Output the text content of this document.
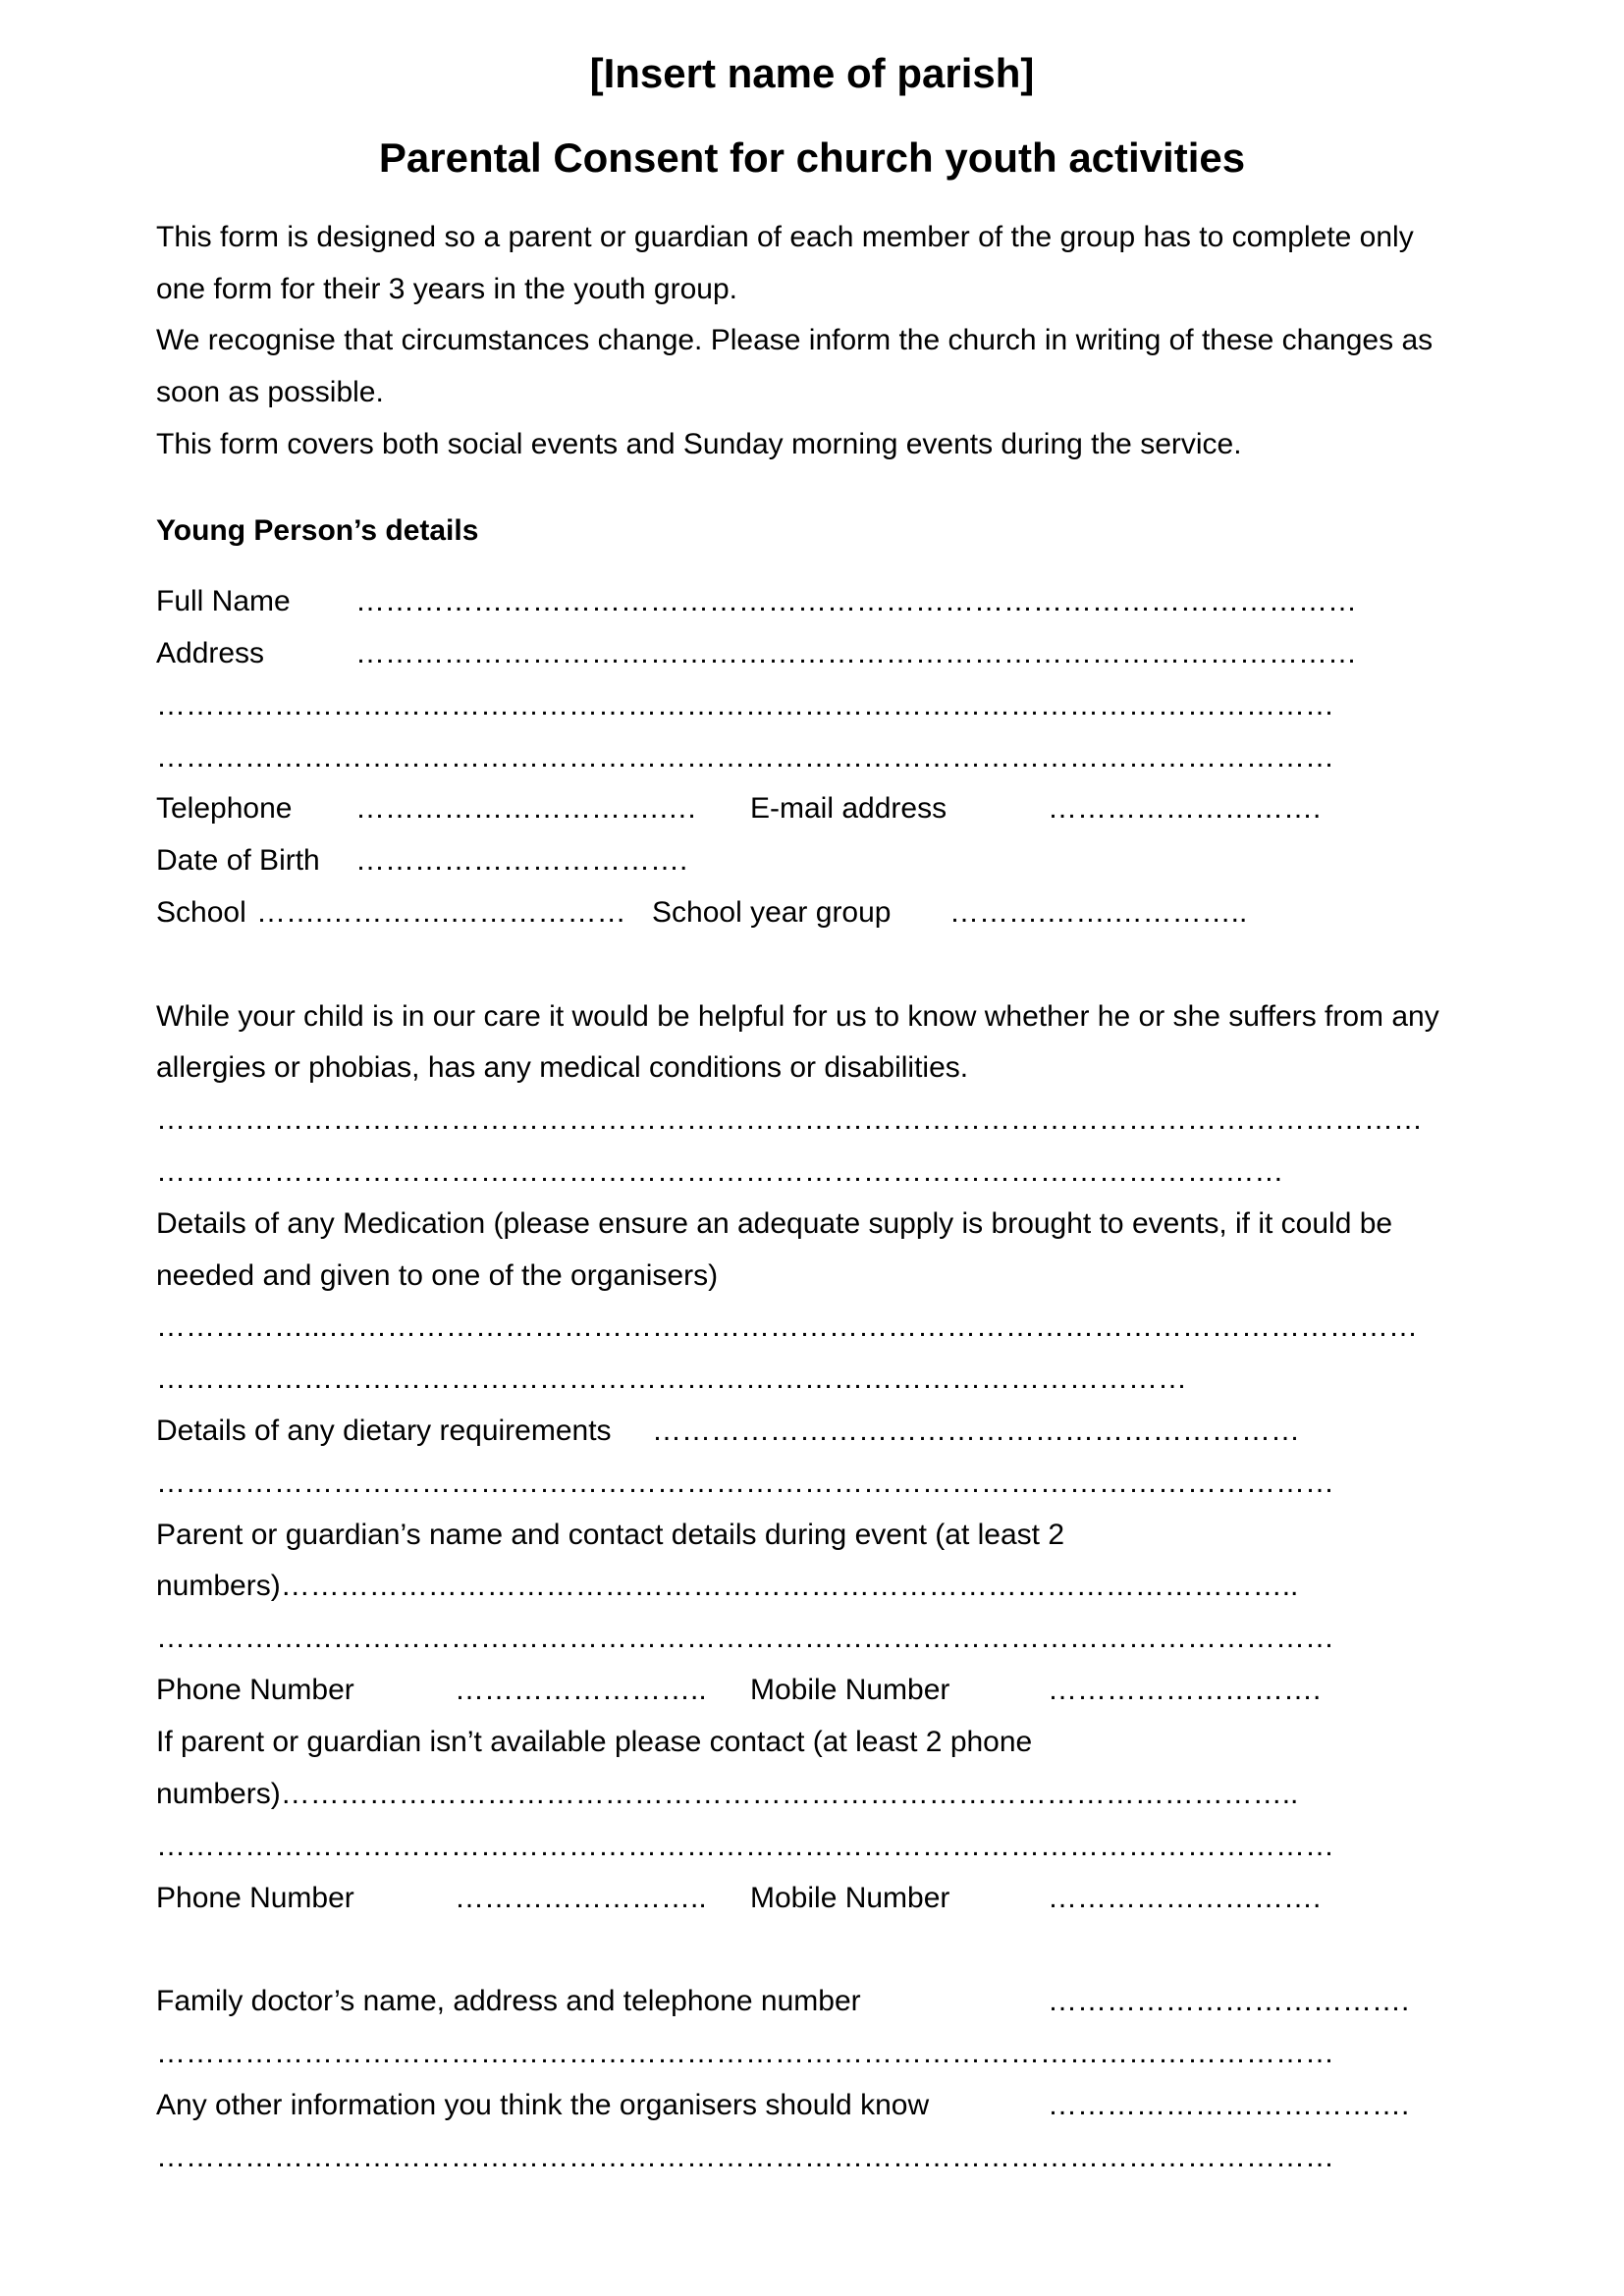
[Insert name of parish]
Parental Consent for church youth activities
This form is designed so a parent or guardian of each member of the group has to complete only
one form for their 3 years in the youth group.
We recognise that circumstances change. Please inform the church in writing of these changes as
soon as possible.
This form covers both social events and Sunday morning events during the service.
Young Person’s details
Full Name …………………………………………………………………………………………
Address	…………………………………………………………………………………………
…………………………………………………………………………………………………………
…………………………………………………………………………………………………………
Telephone ………………………….…. E-mail address	……………………….
Date of Birth …………………………….
School …….………….……………… School year group ……….…….…………..
While your child is in our care it would be helpful for us to know whether he or she suffers from any
allergies or phobias, has any medical conditions or disabilities.
…………………………………………………………………………………………………………………
……………………………………………………………………………………………….……
Details of any Medication (please ensure an adequate supply is brought to events, if it could be
needed and given to one of the organisers)
……………...…………………………………………………………………………………………………
……………………………………………………………………………………………
Details of any dietary requirements …………………………………………………………
…………………………………………………………………………………………………………
Parent or guardian’s name and contact details during event (at least 2
numbers)…………………………………………………………………………………………..
…………………………………………………………………………………………………………
Phone Number	…………………….. Mobile Number	……………………….
If parent or guardian isn’t available please contact (at least 2 phone
numbers)…………………………………………………………………………………………..
…………………………………………………………………………………………………………
Phone Number	…………………….. Mobile Number	……………………….
Family doctor’s name, address and telephone number	……………………………….
…………………………………………………………………………………………………………
Any other information you think the organisers should know	……………………………….
…………………………………………………………………………………………………………
